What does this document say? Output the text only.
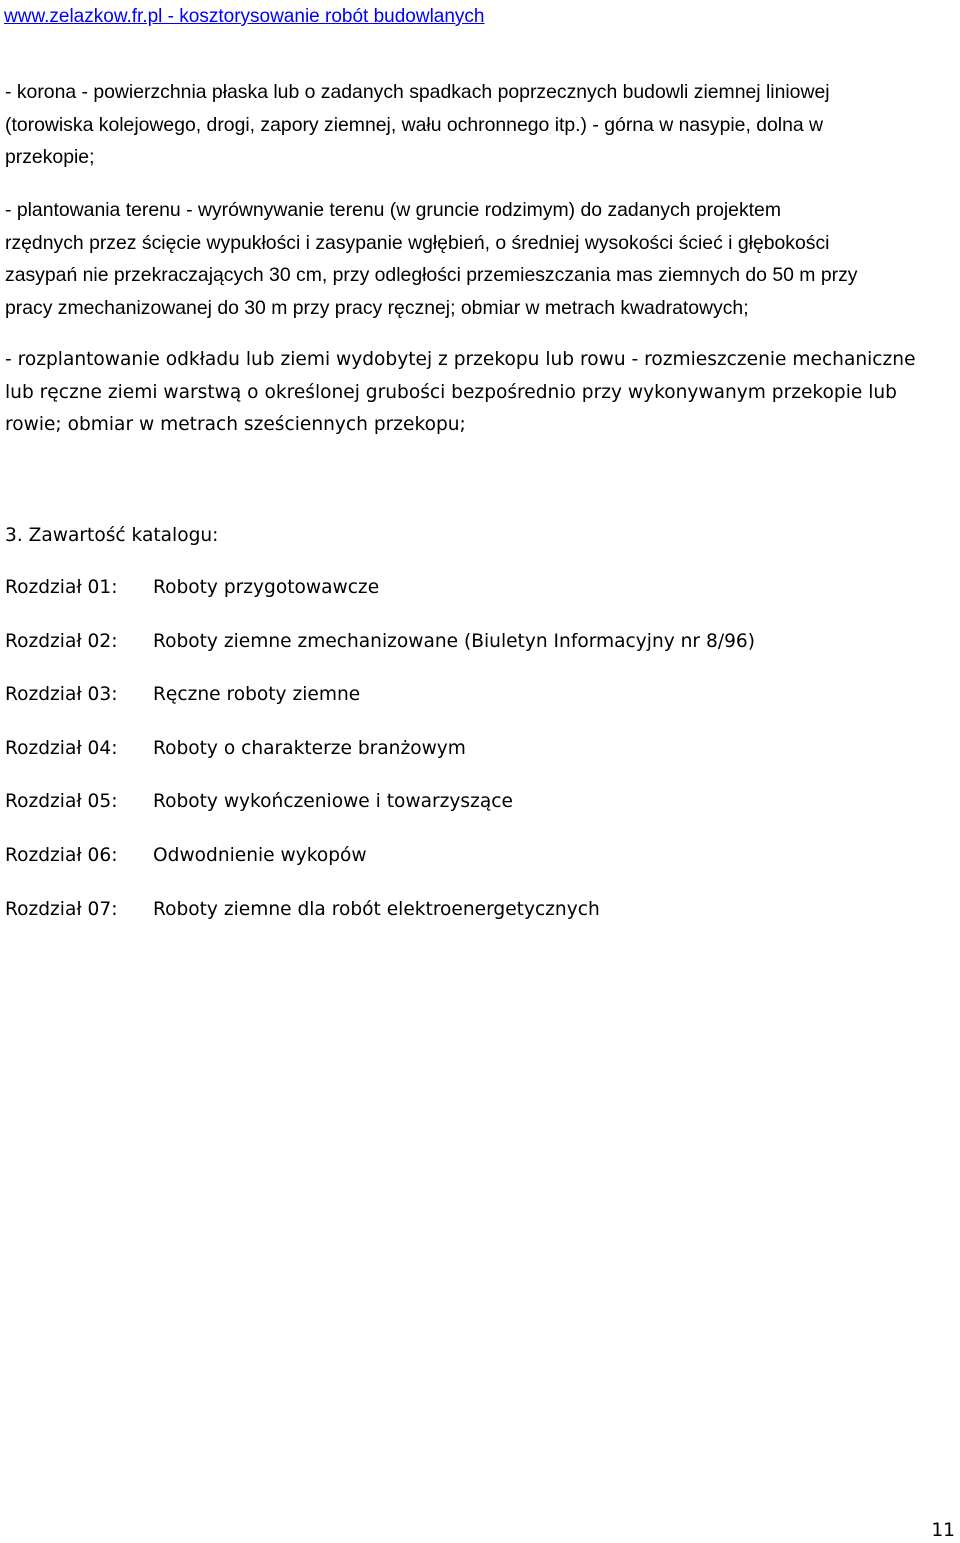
www.zelazkow.fr.pl - kosztorysowanie robót budowlanych

- korona - powierzchnia płaska lub o zadanych spadkach poprzecznych budowli ziemnej liniowej
(torowiska kolejowego, drogi, zapory ziemnej, wału ochronnego itp.) - górna w nasypie, dolna w
przekopie;

- plantowania terenu - wyrównywanie terenu (w gruncie rodzimym) do zadanych projektem
rzędnych przez ścięcie wypukłości i zasypanie wgłębień, o średniej wysokości ścieć i głębokości
zasypań nie przekraczających 30 cm, przy odległości przemieszczania mas ziemnych do 50 m przy
pracy zmechanizowanej do 30 m przy pracy ręcznej; obmiar w metrach kwadratowych;

- rozplantowanie odkładu lub ziemi wydobytej z przekopu lub rowu - rozmieszczenie mechaniczne
lub ręczne ziemi warstwą o określonej grubości bezpośrednio przy wykonywanym przekopie lub
rowie; obmiar w metrach sześciennych przekopu;

3. Zawartość katalogu:
Rozdział 01:	Roboty przygotowawcze
Rozdział 02:	Roboty ziemne zmechanizowane (Biuletyn Informacyjny nr 8/96)
Rozdział 03:	Ręczne roboty ziemne
Rozdział 04:	Roboty o charakterze branżowym
Rozdział 05:	Roboty wykończeniowe i towarzyszące
Rozdział 06:	Odwodnienie wykopów
Rozdział 07:	Roboty ziemne dla robót elektroenergetycznych
11
